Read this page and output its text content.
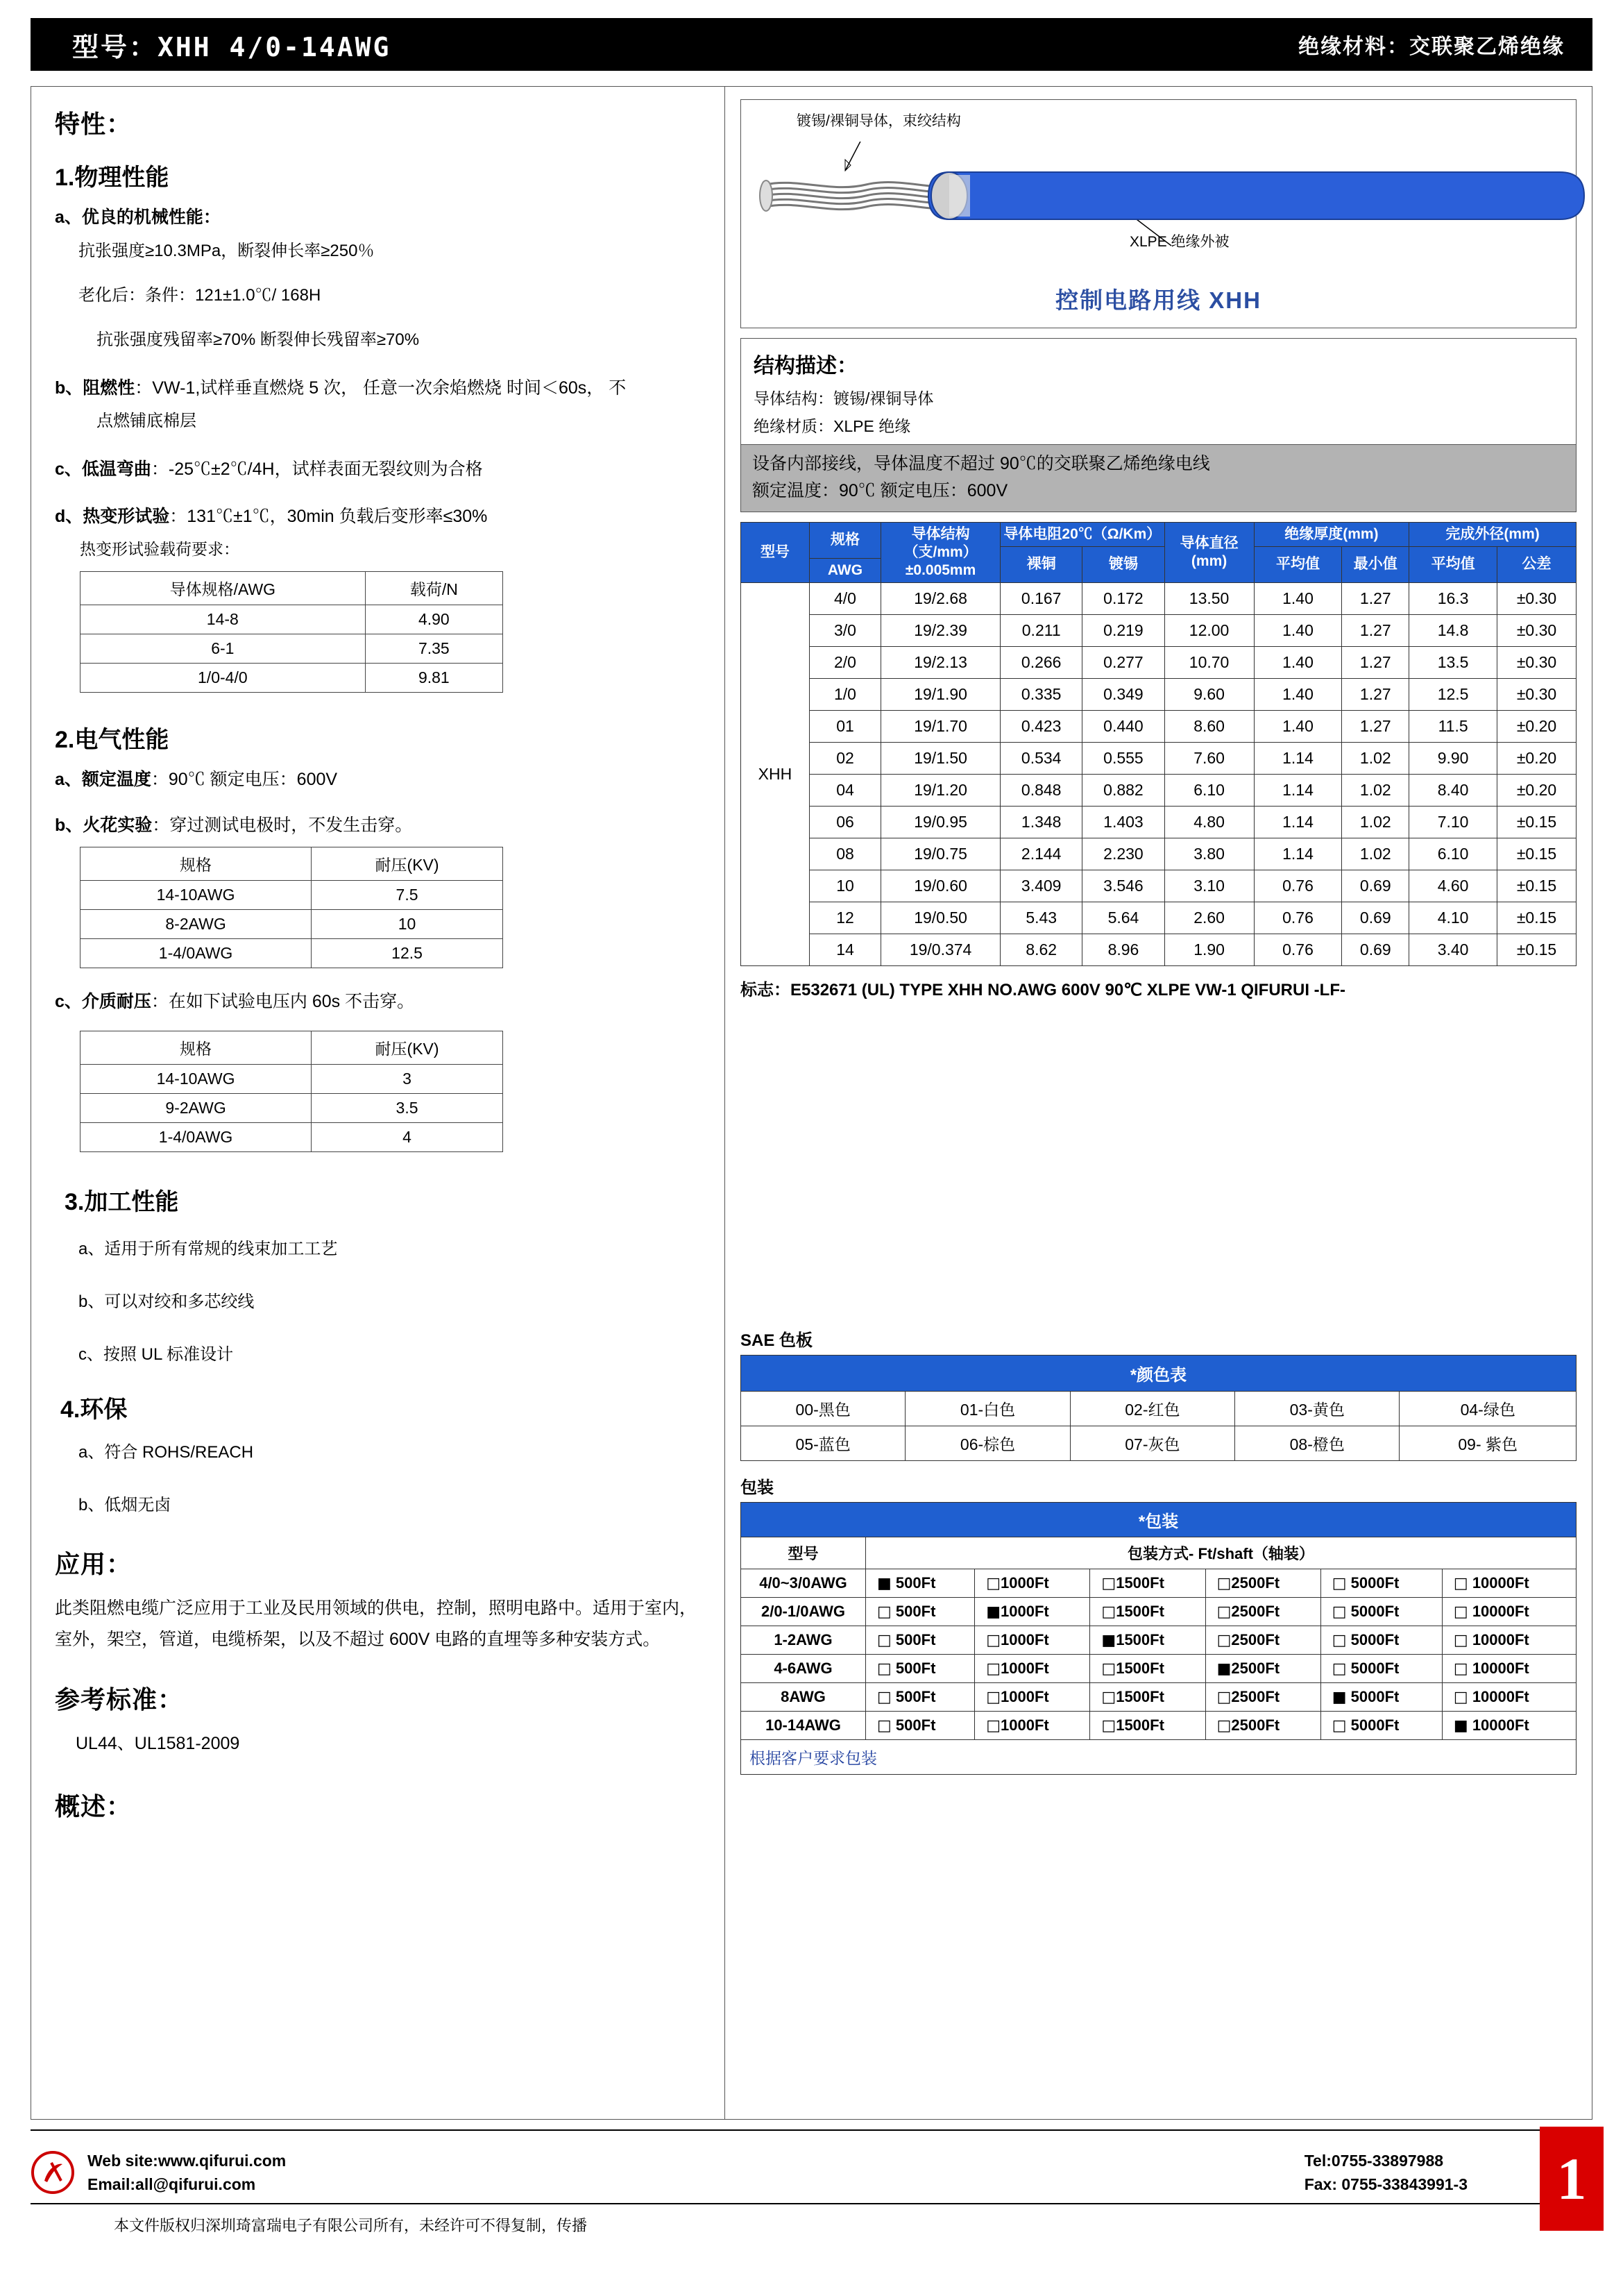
型号：XHH 4/0-14AWG	绝缘材料：交联聚乙烯绝缘
特性：
1.物理性能
a、优良的机械性能：
抗张强度≥10.3MPa，断裂伸长率≥250％
老化后：条件：121±1.0℃/ 168H
抗张强度残留率≥70% 断裂伸长残留率≥70%
b、阻燃性：VW-1,试样垂直燃烧 5 次， 任意一次余焰燃烧 时间＜60s， 不
点燃铺底棉层
c、低温弯曲：-25℃±2℃/4H，试样表面无裂纹则为合格
d、热变形试验：131℃±1℃，30min 负载后变形率≤30%
热变形试验载荷要求：
导体规格/AWG	载荷/N
14-8	4.90
6-1	7.35
1/0-4/0	9.81
2.电气性能
a、额定温度：90℃ 额定电压：600V
b、火花实验：穿过测试电极时，不发生击穿。
规格	耐压(KV)
14-10AWG	7.5
8-2AWG	10
1-4/0AWG	12.5
c、介质耐压：在如下试验电压内 60s 不击穿。
规格	耐压(KV)
14-10AWG	3
9-2AWG	3.5
1-4/0AWG	4
3.加工性能
a、适用于所有常规的线束加工工艺
b、可以对绞和多芯绞线
c、按照 UL 标准设计
4.环保
a、符合 ROHS/REACH
b、低烟无卤
应用：
此类阻燃电缆广泛应用于工业及民用领域的供电，控制，照明电路中。适用于室内，室外，架空，管道，电缆桥架，以及不超过 600V 电路的直埋等多种安装方式。
参考标准：
UL44、UL1581-2009
概述：
镀锡/裸铜导体，束绞结构
XLPE 绝缘外被
控制电路用线 XHH
结构描述：
导体结构：镀锡/裸铜导体
绝缘材质：XLPE 绝缘
设备内部接线，导体温度不超过 90℃的交联聚乙烯绝缘电线
额定温度：90℃ 额定电压：600V
型号	规格	导体结构（支/mm）±0.005mm	导体电阻20℃（Ω/Km）		导体直径(mm)	绝缘厚度(mm)		完成外径(mm)	
			裸铜	镀锡		平均值	最小值	平均值	公差
	AWG								
XHH	4/0	19/2.68	0.167	0.172	13.50	1.40	1.27	16.3	±0.30
	3/0	19/2.39	0.211	0.219	12.00	1.40	1.27	14.8	±0.30
	2/0	19/2.13	0.266	0.277	10.70	1.40	1.27	13.5	±0.30
	1/0	19/1.90	0.335	0.349	9.60	1.40	1.27	12.5	±0.30
	01	19/1.70	0.423	0.440	8.60	1.40	1.27	11.5	±0.20
	02	19/1.50	0.534	0.555	7.60	1.14	1.02	9.90	±0.20
	04	19/1.20	0.848	0.882	6.10	1.14	1.02	8.40	±0.20
	06	19/0.95	1.348	1.403	4.80	1.14	1.02	7.10	±0.15
	08	19/0.75	2.144	2.230	3.80	1.14	1.02	6.10	±0.15
	10	19/0.60	3.409	3.546	3.10	0.76	0.69	4.60	±0.15
	12	19/0.50	5.43	5.64	2.60	0.76	0.69	4.10	±0.15
	14	19/0.374	8.62	8.96	1.90	0.76	0.69	3.40	±0.15
标志：E532671 (UL) TYPE XHH NO.AWG 600V 90℃ XLPE VW-1 QIFURUI -LF-
SAE 色板
*颜色表				
00-黑色	01-白色	02-红色	03-黄色	04-绿色
05-蓝色	06-棕色	07-灰色	08-橙色	09- 紫色
包装
*包装						
型号	包装方式- Ft/shaft（轴装）					
4/0~3/0AWG	■ 500Ft	□1000Ft	□1500Ft	□2500Ft	□ 5000Ft	□ 10000Ft
2/0-1/0AWG	□ 500Ft	■1000Ft	□1500Ft	□2500Ft	□ 5000Ft	□ 10000Ft
1-2AWG	□ 500Ft	□1000Ft	■1500Ft	□2500Ft	□ 5000Ft	□ 10000Ft
4-6AWG	□ 500Ft	□1000Ft	□1500Ft	■2500Ft	□ 5000Ft	□ 10000Ft
8AWG	□ 500Ft	□1000Ft	□1500Ft	□2500Ft	■ 5000Ft	□ 10000Ft
10-14AWG	□ 500Ft	□1000Ft	□1500Ft	□2500Ft	□ 5000Ft	■ 10000Ft
根据客户要求包装
Web site:www.qifurui.com
Email:all@qifurui.com
Tel:0755-33897988
Fax: 0755-33843991-3
本文件版权归深圳琦富瑞电子有限公司所有，未经许可不得复制，传播
1
